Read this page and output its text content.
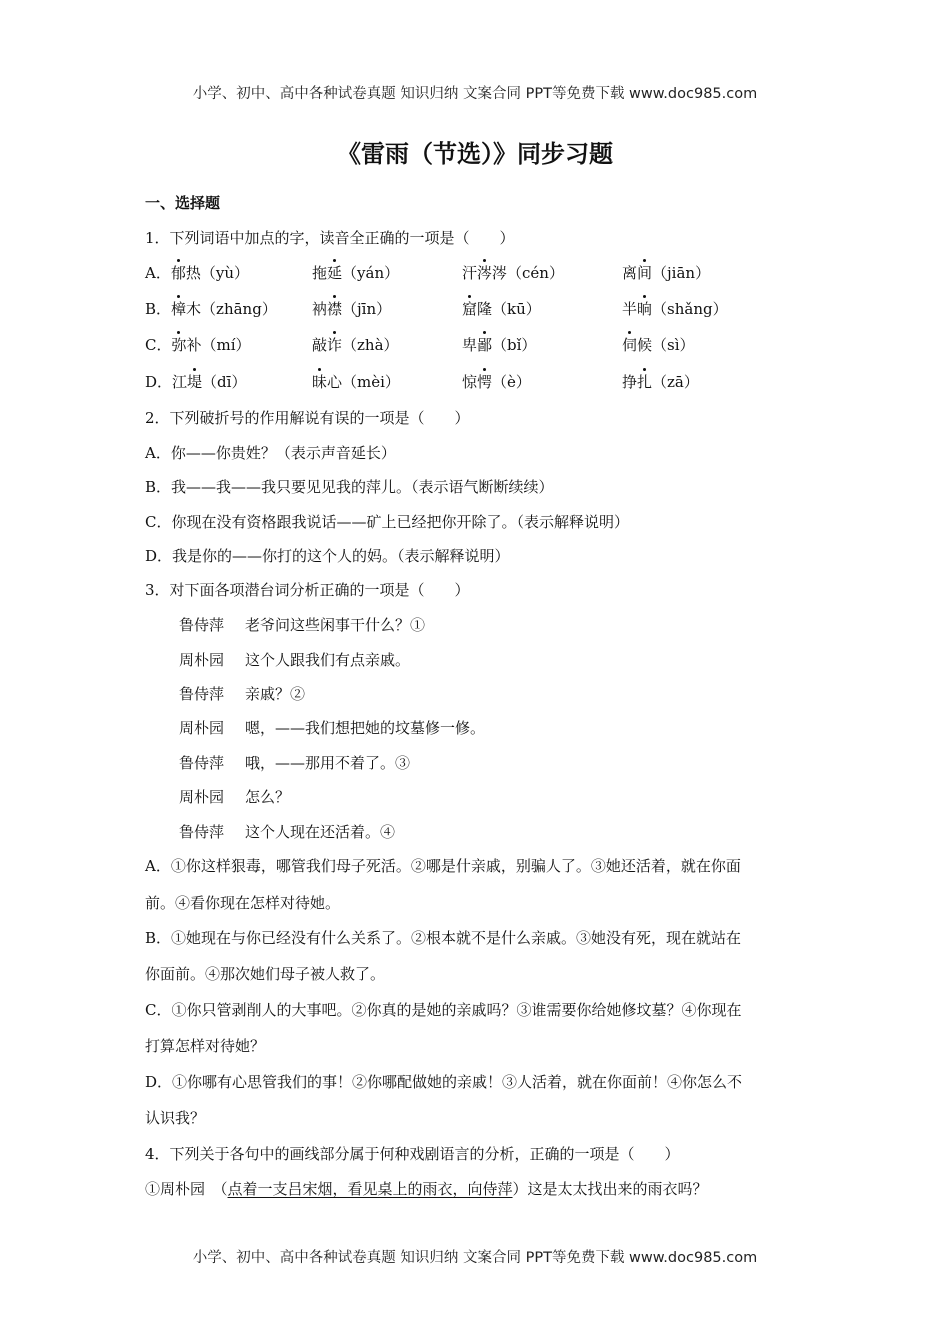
小学、初中、高中各种试卷真题 知识归纳 文案合同 PPT等免费下载 www.doc985.com
《雷雨（节选）》同步习题
一、选择题
1．下列词语中加点的字，读音全正确的一项是（　　）
A．郁热（yù）	拖延（yán）	汗涔涔（cén）	离间（jiān）
B．樟木（zhāng） 衲襟（jīn）	窟隆（kū）	半晌（shǎng）
C．弥补（mí）	敲诈（zhà）	卑鄙（bǐ）	伺候（sì）
D．江堤（dī）	昧心（mèi）	惊愕（è）	挣扎（zā）
2．下列破折号的作用解说有误的一项是（　　）
A．你——你贵姓？（表示声音延长）
B．我——我——我只要见见我的萍儿。（表示语气断断续续）
C．你现在没有资格跟我说话——矿上已经把你开除了。（表示解释说明）
D．我是你的——你打的这个人的妈。（表示解释说明）
3．对下面各项潜台词分析正确的一项是（　　）
鲁侍萍 老爷问这些闲事干什么？①
周朴园 这个人跟我们有点亲戚。
鲁侍萍 亲戚？②
周朴园 嗯，——我们想把她的坟墓修一修。
鲁侍萍 哦，——那用不着了。③
周朴园 怎么？
鲁侍萍 这个人现在还活着。④
A．①你这样狠毒，哪管我们母子死活。②哪是什亲戚，别骗人了。③她还活着，就在你面
前。④看你现在怎样对待她。
B．①她现在与你已经没有什么关系了。②根本就不是什么亲戚。③她没有死，现在就站在
你面前。④那次她们母子被人救了。
C．①你只管剥削人的大事吧。②你真的是她的亲戚吗？③谁需要你给她修坟墓？④你现在
打算怎样对待她？
D．①你哪有心思管我们的事！②你哪配做她的亲戚！③人活着，就在你面前！④你怎么不
认识我？
4．下列关于各句中的画线部分属于何种戏剧语言的分析，正确的一项是（　　）
①周朴园　（点着一支吕宋烟，看见桌上的雨衣，向侍萍）这是太太找出来的雨衣吗？
小学、初中、高中各种试卷真题 知识归纳 文案合同 PPT等免费下载 www.doc985.com
